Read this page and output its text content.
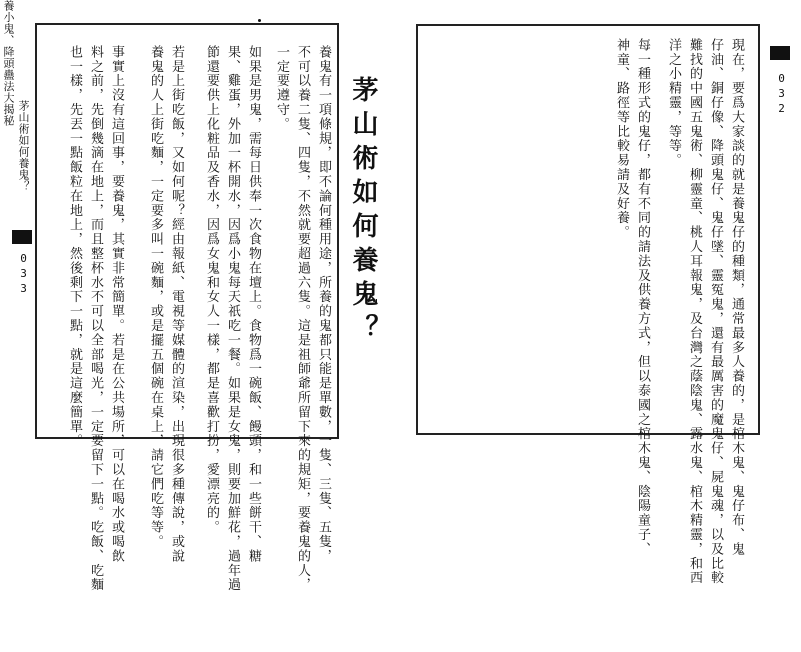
茅山術如何養鬼？
033	茅山術如何養鬼？
養鬼有一項條規，即不論何種用途，所養的鬼都只能是單數，一隻、三隻、五隻，
不可以養二隻、四隻，不然就要超過六隻。這是祖師爺所留下來的規矩，要養鬼的人，
一定要遵守。
如果是男鬼，需每日供奉一次食物在壇上。食物爲一碗飯、饅頭，和一些餅干、糖
果、雞蛋，外加一杯開水，因爲小鬼每天祇吃一餐。如果是女鬼，則要加鮮花，過年過
節還要供上化粧品及香水，因爲女鬼和女人一樣，都是喜歡打扮，愛漂亮的。
若是上街吃飯，又如何呢？經由報紙、電視等媒體的渲染，出現很多種傳說，或說
養鬼的人上街吃麵，一定要多叫一碗麵，或是擺五個碗在桌上，請它們吃等等。
事實上沒有這回事，要養鬼，其實非常簡單。若是在公共場所，可以在喝水或喝飲
料之前，先倒幾滴在地上，而且整杯水不可以全部喝光，一定要留下一點。吃飯、吃麵
也一樣，先丟一點飯粒在地上，然後剩下一點，就是這麼簡單。	現在，要爲大家談的就是養鬼仔的種類，通常最多人養的，是棺木鬼、鬼仔布、鬼
仔油、銅仔像、降頭鬼仔、鬼仔墜、靈冤鬼，還有最厲害的魔鬼仔、屍鬼魂，以及比較
難找的中國五鬼術、柳靈童、桃人耳報鬼，及台灣之蔭陰鬼、露水鬼、棺木精靈，和西
洋之小精靈，等等。
每一種形式的鬼仔，都有不同的請法及供養方式，但以泰國之棺木鬼、陰陽童子、
神童、路徑等比較易請及好養。
養小鬼、降頭蠱法大揭秘	032
